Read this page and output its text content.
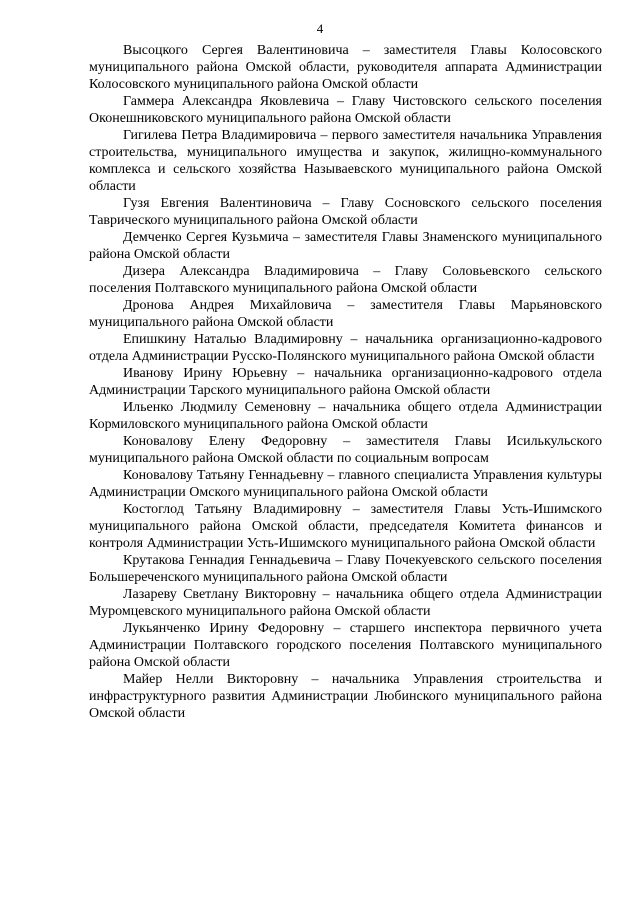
4

Высоцкого Сергея Валентиновича – заместителя Главы Колосовского муниципального района Омской области, руководителя аппарата Администрации Колосовского муниципального района Омской области

Гаммера Александра Яковлевича – Главу Чистовского сельского поселения Оконешниковского муниципального района Омской области

Гигилева Петра Владимировича – первого заместителя начальника Управления строительства, муниципального имущества и закупок, жилищно-коммунального комплекса и сельского хозяйства Называевского муниципального района Омской области

Гузя Евгения Валентиновича – Главу Сосновского сельского поселения Таврического муниципального района Омской области

Демченко Сергея Кузьмича – заместителя Главы Знаменского муниципального района Омской области

Дизера Александра Владимировича – Главу Соловьевского сельского поселения Полтавского муниципального района Омской области

Дронова Андрея Михайловича – заместителя Главы Марьяновского муниципального района Омской области

Епишкину Наталью Владимировну – начальника организационно-кадрового отдела Администрации Русско-Полянского муниципального района Омской области

Иванову Ирину Юрьевну – начальника организационно-кадрового отдела Администрации Тарского муниципального района Омской области

Ильенко Людмилу Семеновну – начальника общего отдела Администрации Кормиловского муниципального района Омской области

Коновалову Елену Федоровну – заместителя Главы Исилькульского муниципального района Омской области по социальным вопросам

Коновалову Татьяну Геннадьевну – главного специалиста Управления культуры Администрации Омского муниципального района Омской области

Костоглод Татьяну Владимировну – заместителя Главы Усть-Ишимского муниципального района Омской области, председателя Комитета финансов и контроля Администрации Усть-Ишимского муниципального района Омской области

Крутакова Геннадия Геннадьевича – Главу Почекуевского сельского поселения Большереченского муниципального района Омской области

Лазареву Светлану Викторовну – начальника общего отдела Администрации Муромцевского муниципального района Омской области

Лукьянченко Ирину Федоровну – старшего инспектора первичного учета Администрации Полтавского городского поселения Полтавского муниципального района Омской области

Майер Нелли Викторовну – начальника Управления строительства и инфраструктурного развития Администрации Любинского муниципального района Омской области
